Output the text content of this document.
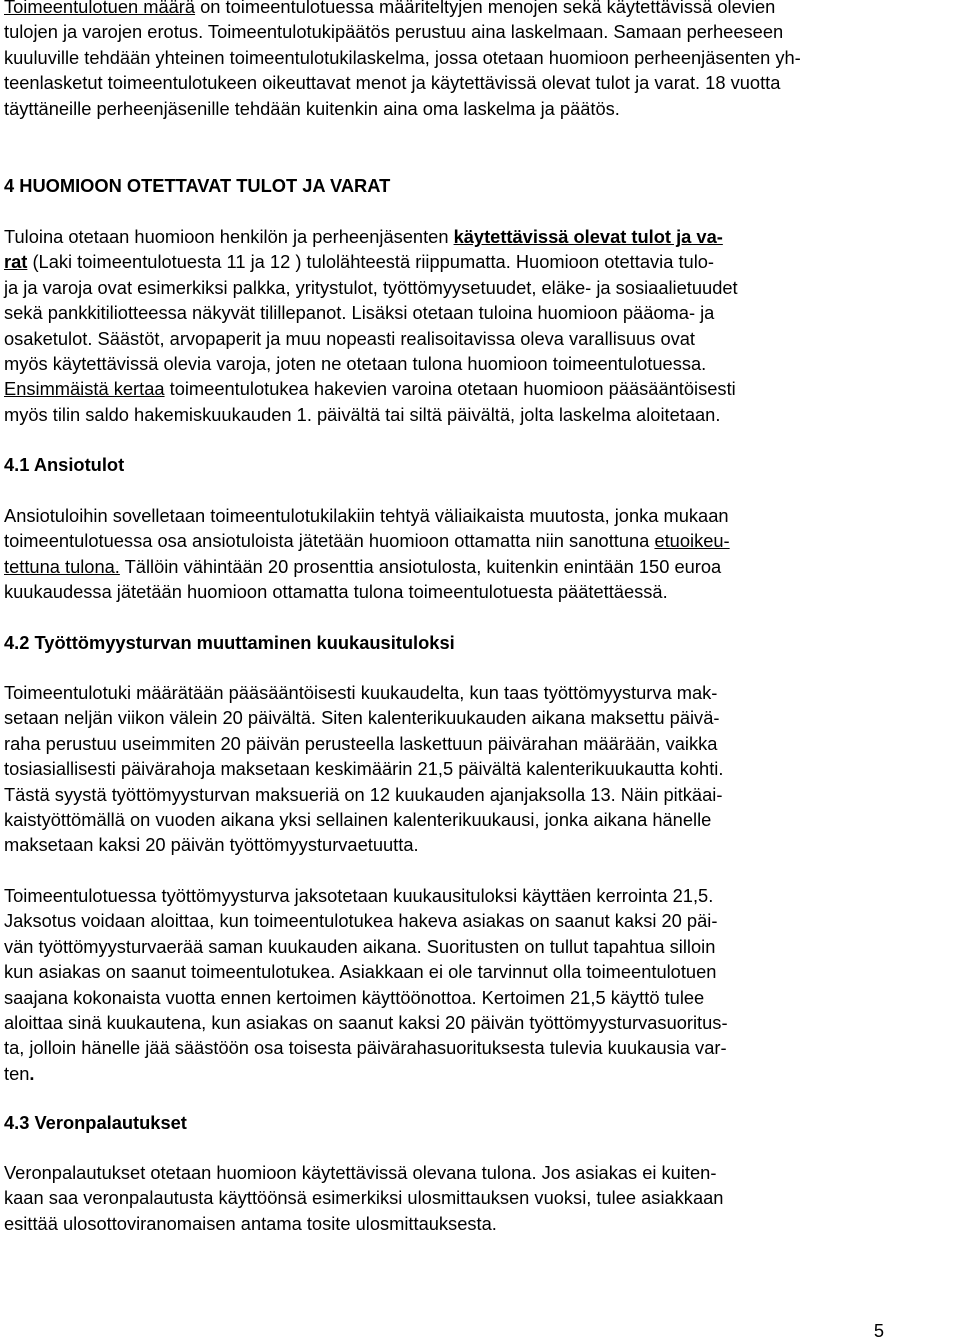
Toimeentulotuen määrä on toimeentulotuessa määriteltyjen menojen sekä käytettävissä olevien
tulojen ja varojen erotus. Toimeentulotukipäätös perustuu aina laskelmaan. Samaan perheeseen
kuuluville tehdään yhteinen toimeentulotukilaskelma, jossa otetaan huomioon perheenjäsenten yh-
teenlasketut toimeentulotukeen oikeuttavat menot ja käytettävissä olevat tulot ja varat. 18 vuotta
täyttäneille perheenjäsenille tehdään kuitenkin aina oma laskelma ja päätös.
4 HUOMIOON OTETTAVAT TULOT JA VARAT
Tuloina otetaan huomioon henkilön ja perheenjäsenten käytettävissä olevat tulot ja va-
rat (Laki toimeentulotuesta 11 ja 12 ) tulolähteestä riippumatta. Huomioon otettavia tulo-
ja ja varoja ovat esimerkiksi palkka, yritystulot, työttömyysetuudet, eläke- ja sosiaalietuudet
sekä pankkitiliotteessa näkyvät tilillepanot. Lisäksi otetaan tuloina huomioon pääoma- ja
osaketulot. Säästöt, arvopaperit ja muu nopeasti realisoitavissa oleva varallisuus ovat
myös käytettävissä olevia varoja, joten ne otetaan tulona huomioon toimeentulotuessa.
Ensimmäistä kertaa toimeentulotukea hakevien varoina otetaan huomioon pääsääntöisesti
myös tilin saldo hakemiskuukauden 1. päivältä tai siltä päivältä, jolta laskelma aloitetaan.
4.1 Ansiotulot
Ansiotuloihin sovelletaan toimeentulotukilakiin tehtyä väliaikaista muutosta, jonka mukaan
toimeentulotuessa osa ansiotuloista jätetään huomioon ottamatta niin sanottuna etuoikeu-
tettuna tulona. Tällöin vähintään 20 prosenttia ansiotulosta, kuitenkin enintään 150 euroa
kuukaudessa jätetään huomioon ottamatta tulona toimeentulotuesta päätettäessä.
4.2 Työttömyysturvan muuttaminen kuukausituloksi
Toimeentulotuki määrätään pääsääntöisesti kuukaudelta, kun taas työttömyysturva mak-
setaan neljän viikon välein 20 päivältä. Siten kalenterikuukauden aikana maksettu päivä-
raha perustuu useimmiten 20 päivän perusteella laskettuun päivärahan määrään, vaikka
tosiasiallisesti päivärahoja maksetaan keskimäärin 21,5 päivältä kalenterikuukautta kohti.
Tästä syystä työttömyysturvan maksueriä on 12 kuukauden ajanjaksolla 13. Näin pitkäai-
kaistyöttömällä on vuoden aikana yksi sellainen kalenterikuukausi, jonka aikana hänelle
maksetaan kaksi 20 päivän työttömyysturvaetuutta.
Toimeentulotuessa työttömyysturva jaksotetaan kuukausituloksi käyttäen kerrointa 21,5.
Jaksotus voidaan aloittaa, kun toimeentulotukea hakeva asiakas on saanut kaksi 20 päi-
vän työttömyysturvaerää saman kuukauden aikana. Suoritusten on tullut tapahtua silloin
kun asiakas on saanut toimeentulotukea. Asiakkaan ei ole tarvinnut olla toimeentulotuen
saajana kokonaista vuotta ennen kertoimen käyttöönottoa. Kertoimen 21,5 käyttö tulee
aloittaa sinä kuukautena, kun asiakas on saanut kaksi 20 päivän työttömyysturvasuoritus-
ta, jolloin hänelle jää säästöön osa toisesta päivärahasuorituksesta tulevia kuukausia var-
ten.
4.3 Veronpalautukset
Veronpalautukset otetaan huomioon käytettävissä olevana tulona. Jos asiakas ei kuiten-
kaan saa veronpalautusta käyttöönsä esimerkiksi ulosmittauksen vuoksi, tulee asiakkaan
esittää ulosottoviranomaisen antama tosite ulosmittauksesta.
5
